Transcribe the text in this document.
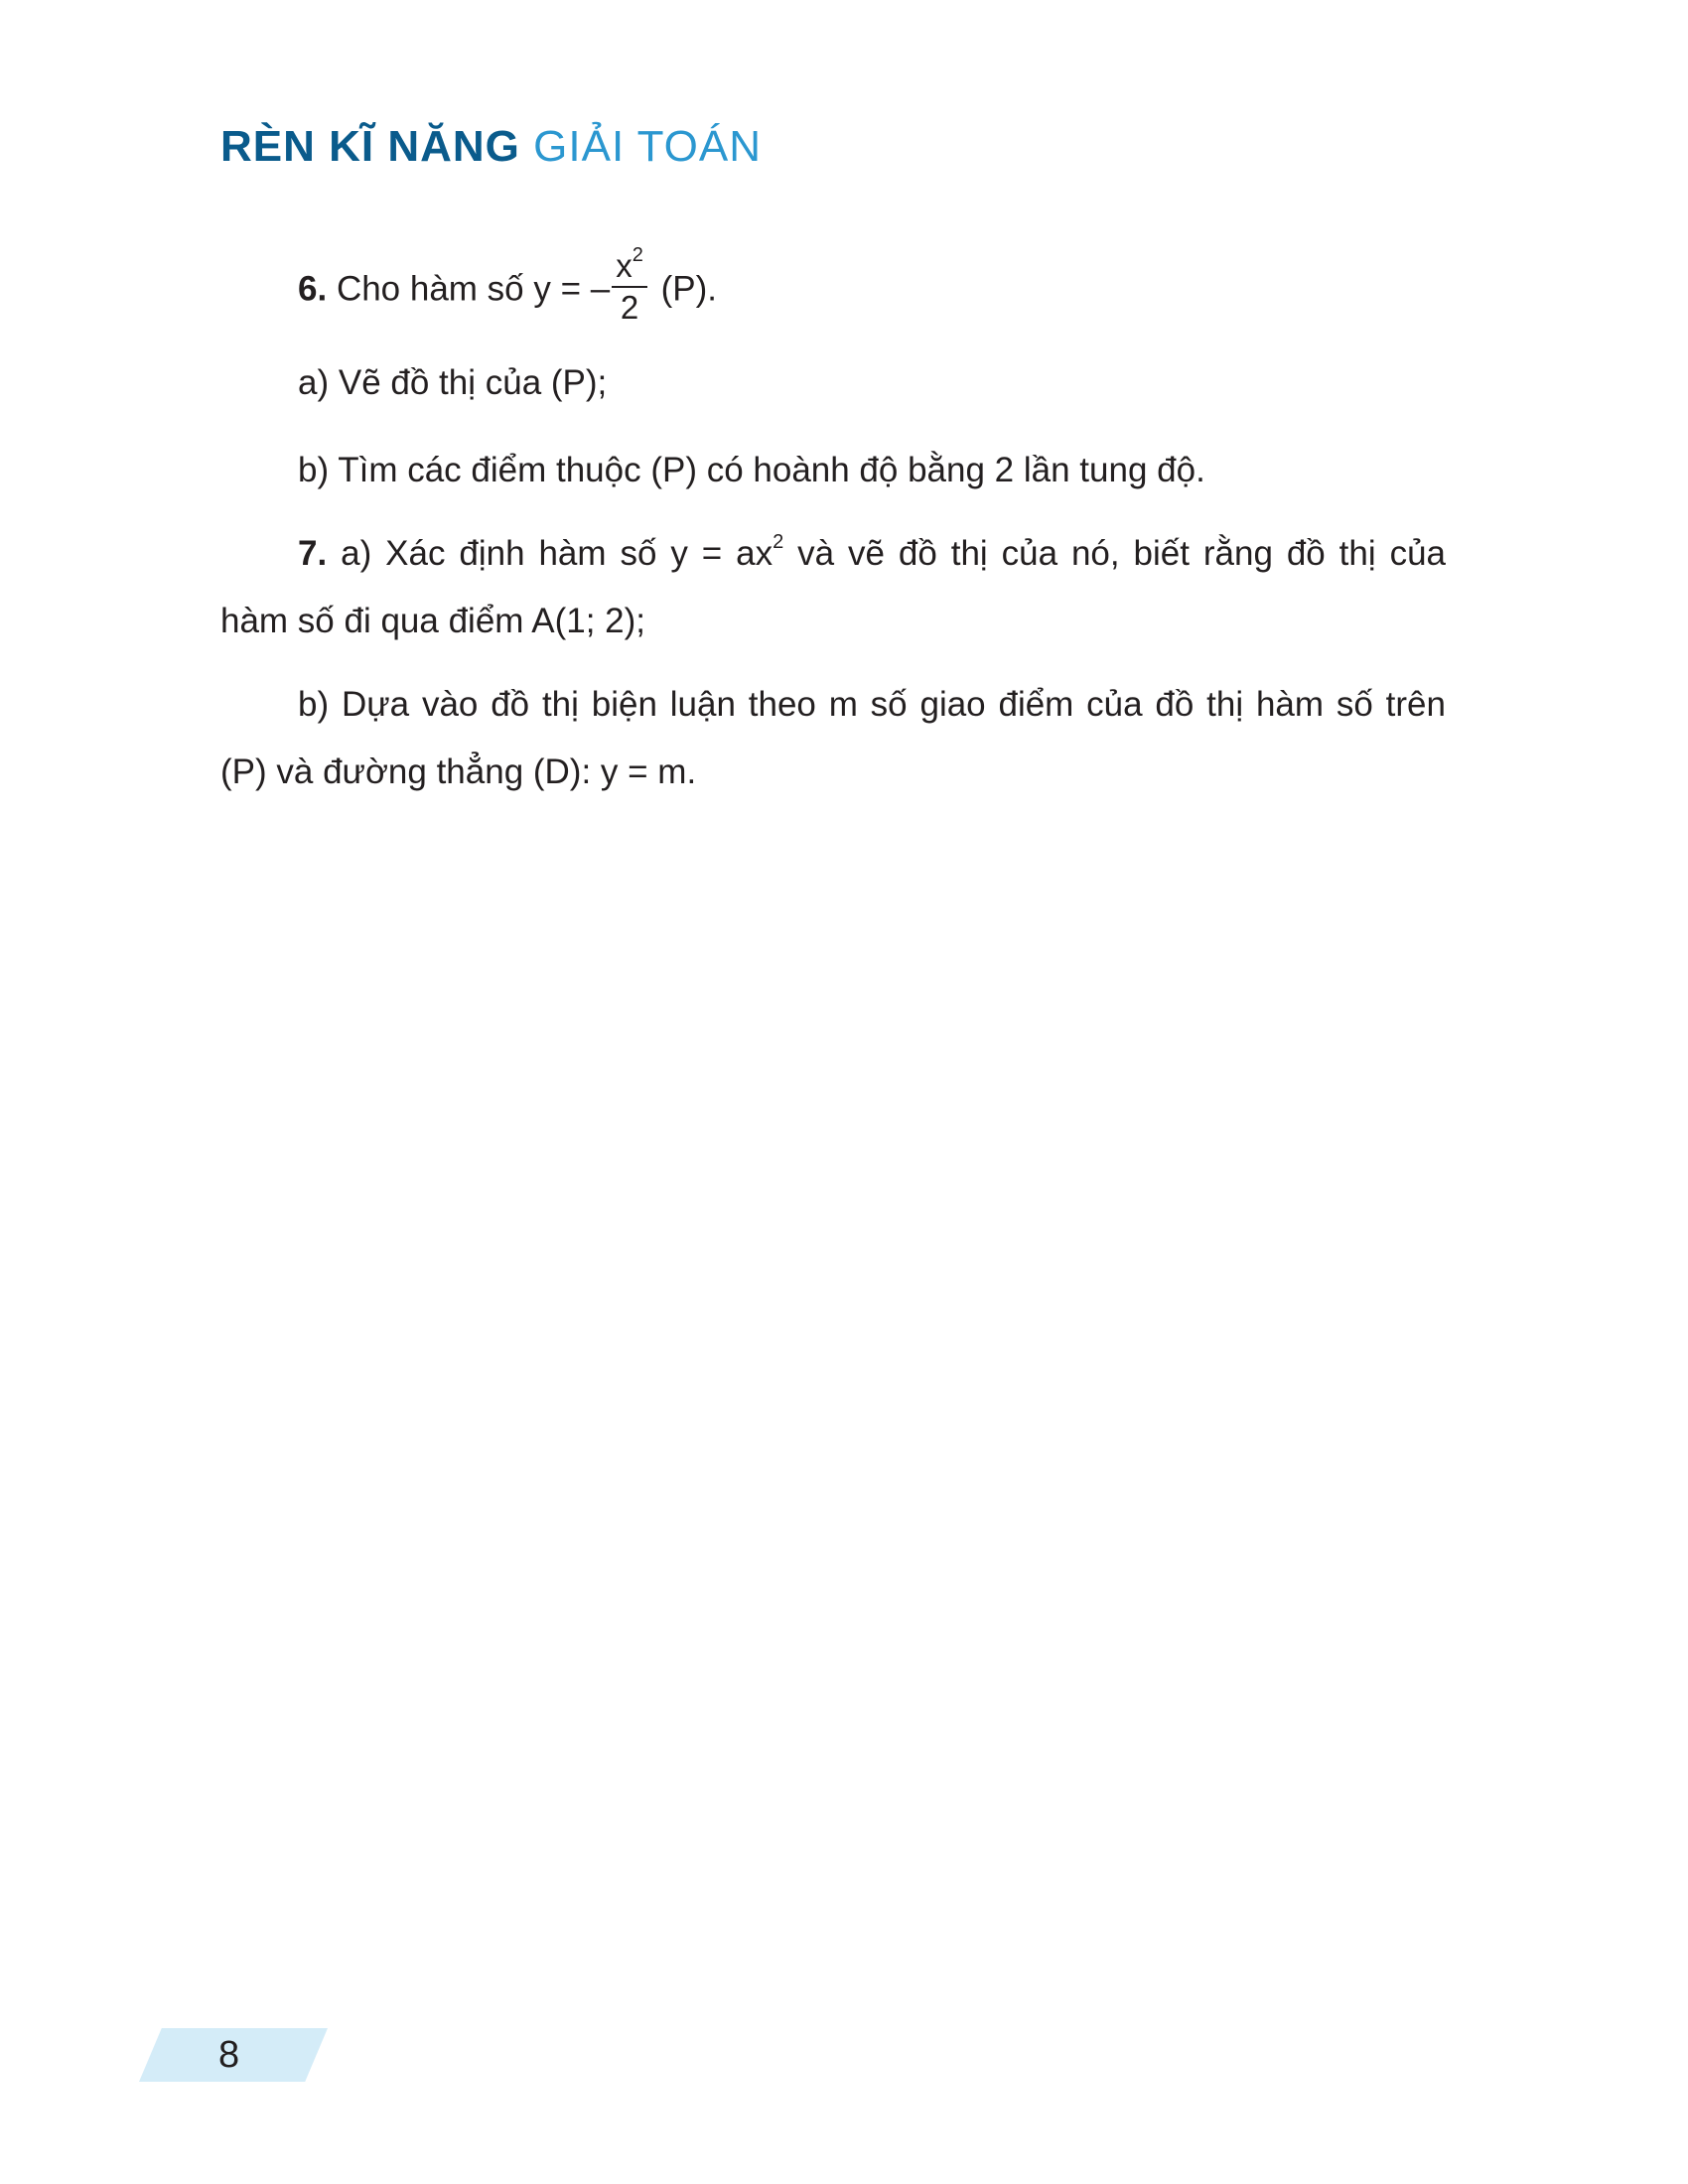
RÈN KĨ NĂNG GIẢI TOÁN
6. Cho hàm số y = – $\frac{x^2}{2} (P)$.
a) Vẽ đồ thị của (P);
b) Tìm các điểm thuộc (P) có hoành độ bằng 2 lần tung độ.
7. a) Xác định hàm số $y = ax^2$ và vẽ đồ thị của nó, biết rằng đồ thị của
hàm số đi qua điểm A(1; 2);
b) Dựa vào đồ thị biện luận theo m số giao điểm của đồ thị hàm số trên
(P) và đường thẳng (D): y = m.
8
